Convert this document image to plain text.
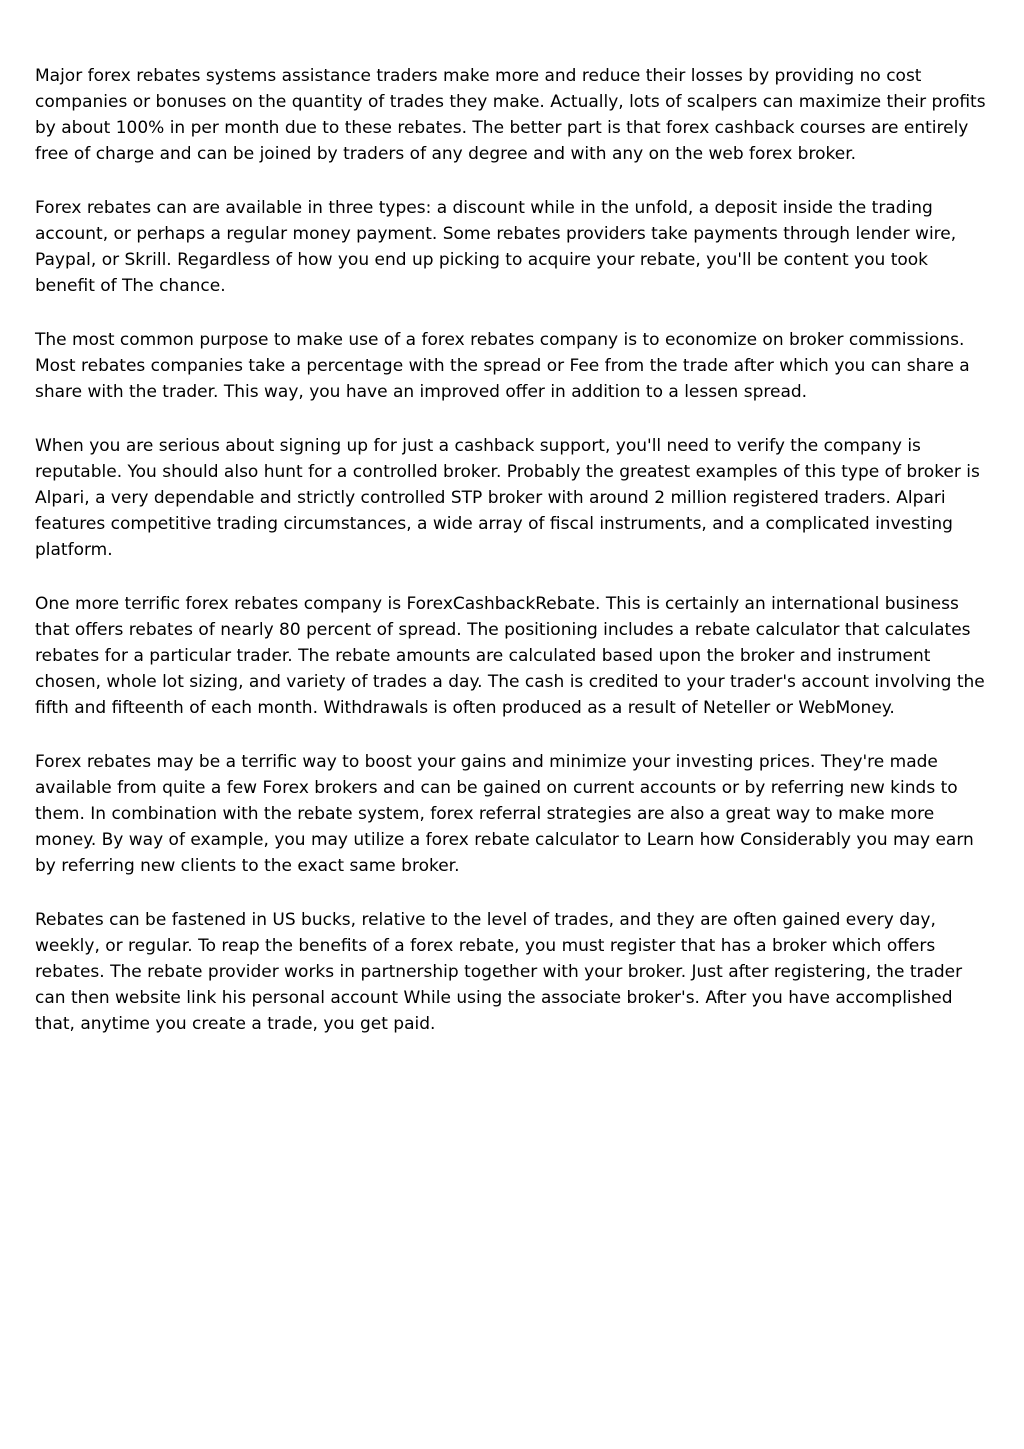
Major forex rebates systems assistance traders make more and reduce their losses by providing no cost companies or bonuses on the quantity of trades they make. Actually, lots of scalpers can maximize their profits by about 100% in per month due to these rebates. The better part is that forex cashback courses are entirely free of charge and can be joined by traders of any degree and with any on the web forex broker.

Forex rebates can are available in three types: a discount while in the unfold, a deposit inside the trading account, or perhaps a regular money payment. Some rebates providers take payments through lender wire, Paypal, or Skrill. Regardless of how you end up picking to acquire your rebate, you'll be content you took benefit of The chance.

The most common purpose to make use of a forex rebates company is to economize on broker commissions. Most rebates companies take a percentage with the spread or Fee from the trade after which you can share a share with the trader. This way, you have an improved offer in addition to a lessen spread.

When you are serious about signing up for just a cashback support, you'll need to verify the company is reputable. You should also hunt for a controlled broker. Probably the greatest examples of this type of broker is Alpari, a very dependable and strictly controlled STP broker with around 2 million registered traders. Alpari features competitive trading circumstances, a wide array of fiscal instruments, and a complicated investing platform.

One more terrific forex rebates company is ForexCashbackRebate. This is certainly an international business that offers rebates of nearly 80 percent of spread. The positioning includes a rebate calculator that calculates rebates for a particular trader. The rebate amounts are calculated based upon the broker and instrument chosen, whole lot sizing, and variety of trades a day. The cash is credited to your trader's account involving the fifth and fifteenth of each month. Withdrawals is often produced as a result of Neteller or WebMoney.

Forex rebates may be a terrific way to boost your gains and minimize your investing prices. They're made available from quite a few Forex brokers and can be gained on current accounts or by referring new kinds to them. In combination with the rebate system, forex referral strategies are also a great way to make more money. By way of example, you may utilize a forex rebate calculator to Learn how Considerably you may earn by referring new clients to the exact same broker.

Rebates can be fastened in US bucks, relative to the level of trades, and they are often gained every day, weekly, or regular. To reap the benefits of a forex rebate, you must register that has a broker which offers rebates. The rebate provider works in partnership together with your broker. Just after registering, the trader can then website link his personal account While using the associate broker's. After you have accomplished that, anytime you create a trade, you get paid.
